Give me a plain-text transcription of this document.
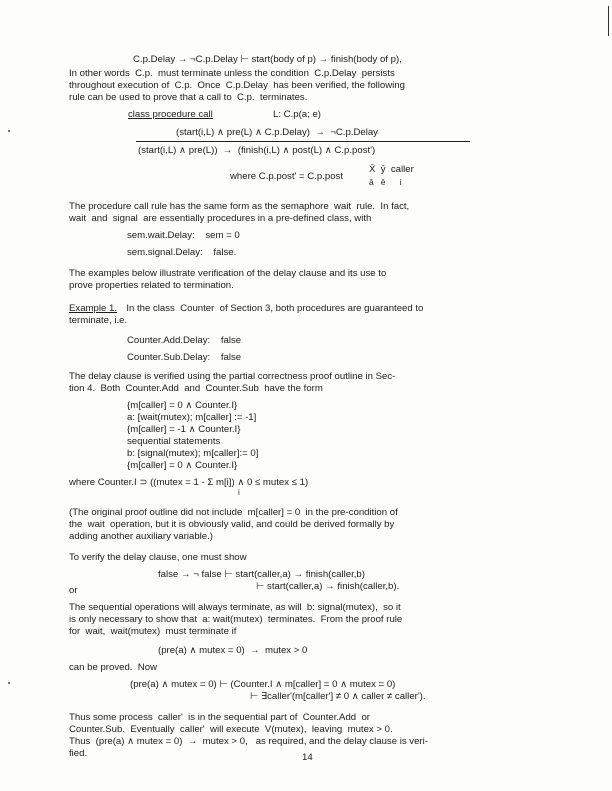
C.p.Delay → ¬C.p.Delay ⊢ start(body of p) → finish(body of p),
In other words  C.p.  must terminate unless the condition  C.p.Delay  persists
throughout execution of  C.p.  Once  C.p.Delay  has been verified, the following
rule can be used to prove that a call to  C.p.  terminates.
class procedure call	L: C.p(a; e)
(start(i,L) ∧ pre(L) ∧ C.p.Delay)  →  ¬C.p.Delay
(start(i,L) ∧ pre(L))  →  (finish(i,L) ∧ post(L) ∧ C.p.post')
where C.p.post' = C.p.post
X̄  ȳ  caller
ā   ē      i
The procedure call rule has the same form as the semaphore  wait  rule.  In fact,
wait  and  signal  are essentially procedures in a pre-defined class, with
sem.wait.Delay:    sem = 0
sem.signal.Delay:    false.
The examples below illustrate verification of the delay clause and its use to
prove properties related to termination.
Example 1. In the class  Counter  of Section 3, both procedures are guaranteed to
terminate, i.e.
Counter.Add.Delay:    false
Counter.Sub.Delay:    false
The delay clause is verified using the partial correctness proof outline in Sec-
tion 4.  Both  Counter.Add  and  Counter.Sub  have the form
{m[caller] = 0 ∧ Counter.I}
a: [wait(mutex); m[caller] := -1]
{m[caller] = -1 ∧ Counter.I}
sequential statements
b: [signal(mutex); m[caller]:= 0]
{m[caller] = 0 ∧ Counter.I}
where Counter.I ⊃ ((mutex = 1 - Σ m[i]) ∧ 0 ≤ mutex ≤ 1)
i
(The original proof outline did not include  m[caller] = 0  in the pre-condition of
the  wait  operation, but it is obviously valid, and could be derived formally by
adding another auxiliary variable.)
To verify the delay clause, one must show
false → ¬ false ⊢ start(caller,a) → finish(caller,b)
or	⊢ start(caller,a) → finish(caller,b).
The sequential operations will always terminate, as will  b: signal(mutex),  so it
is only necessary to show that  a: wait(mutex)  terminates.  From the proof rule
for  wait,  wait(mutex)  must terminate if
(pre(a) ∧ mutex = 0)  →  mutex > 0
can be proved.  Now
(pre(a) ∧ mutex = 0) ⊢ (Counter.I ∧ m[caller] = 0 ∧ mutex = 0)
⊢ ∃caller'(m[caller'] ≠ 0 ∧ caller ≠ caller').
Thus some process  caller'  is in the sequential part of  Counter.Add  or
Counter.Sub.  Eventually  caller'  will execute  V(mutex),  leaving  mutex > 0.
Thus  (pre(a) ∧ mutex = 0)  →  mutex > 0,   as required, and the delay clause is veri-
fied.	14
